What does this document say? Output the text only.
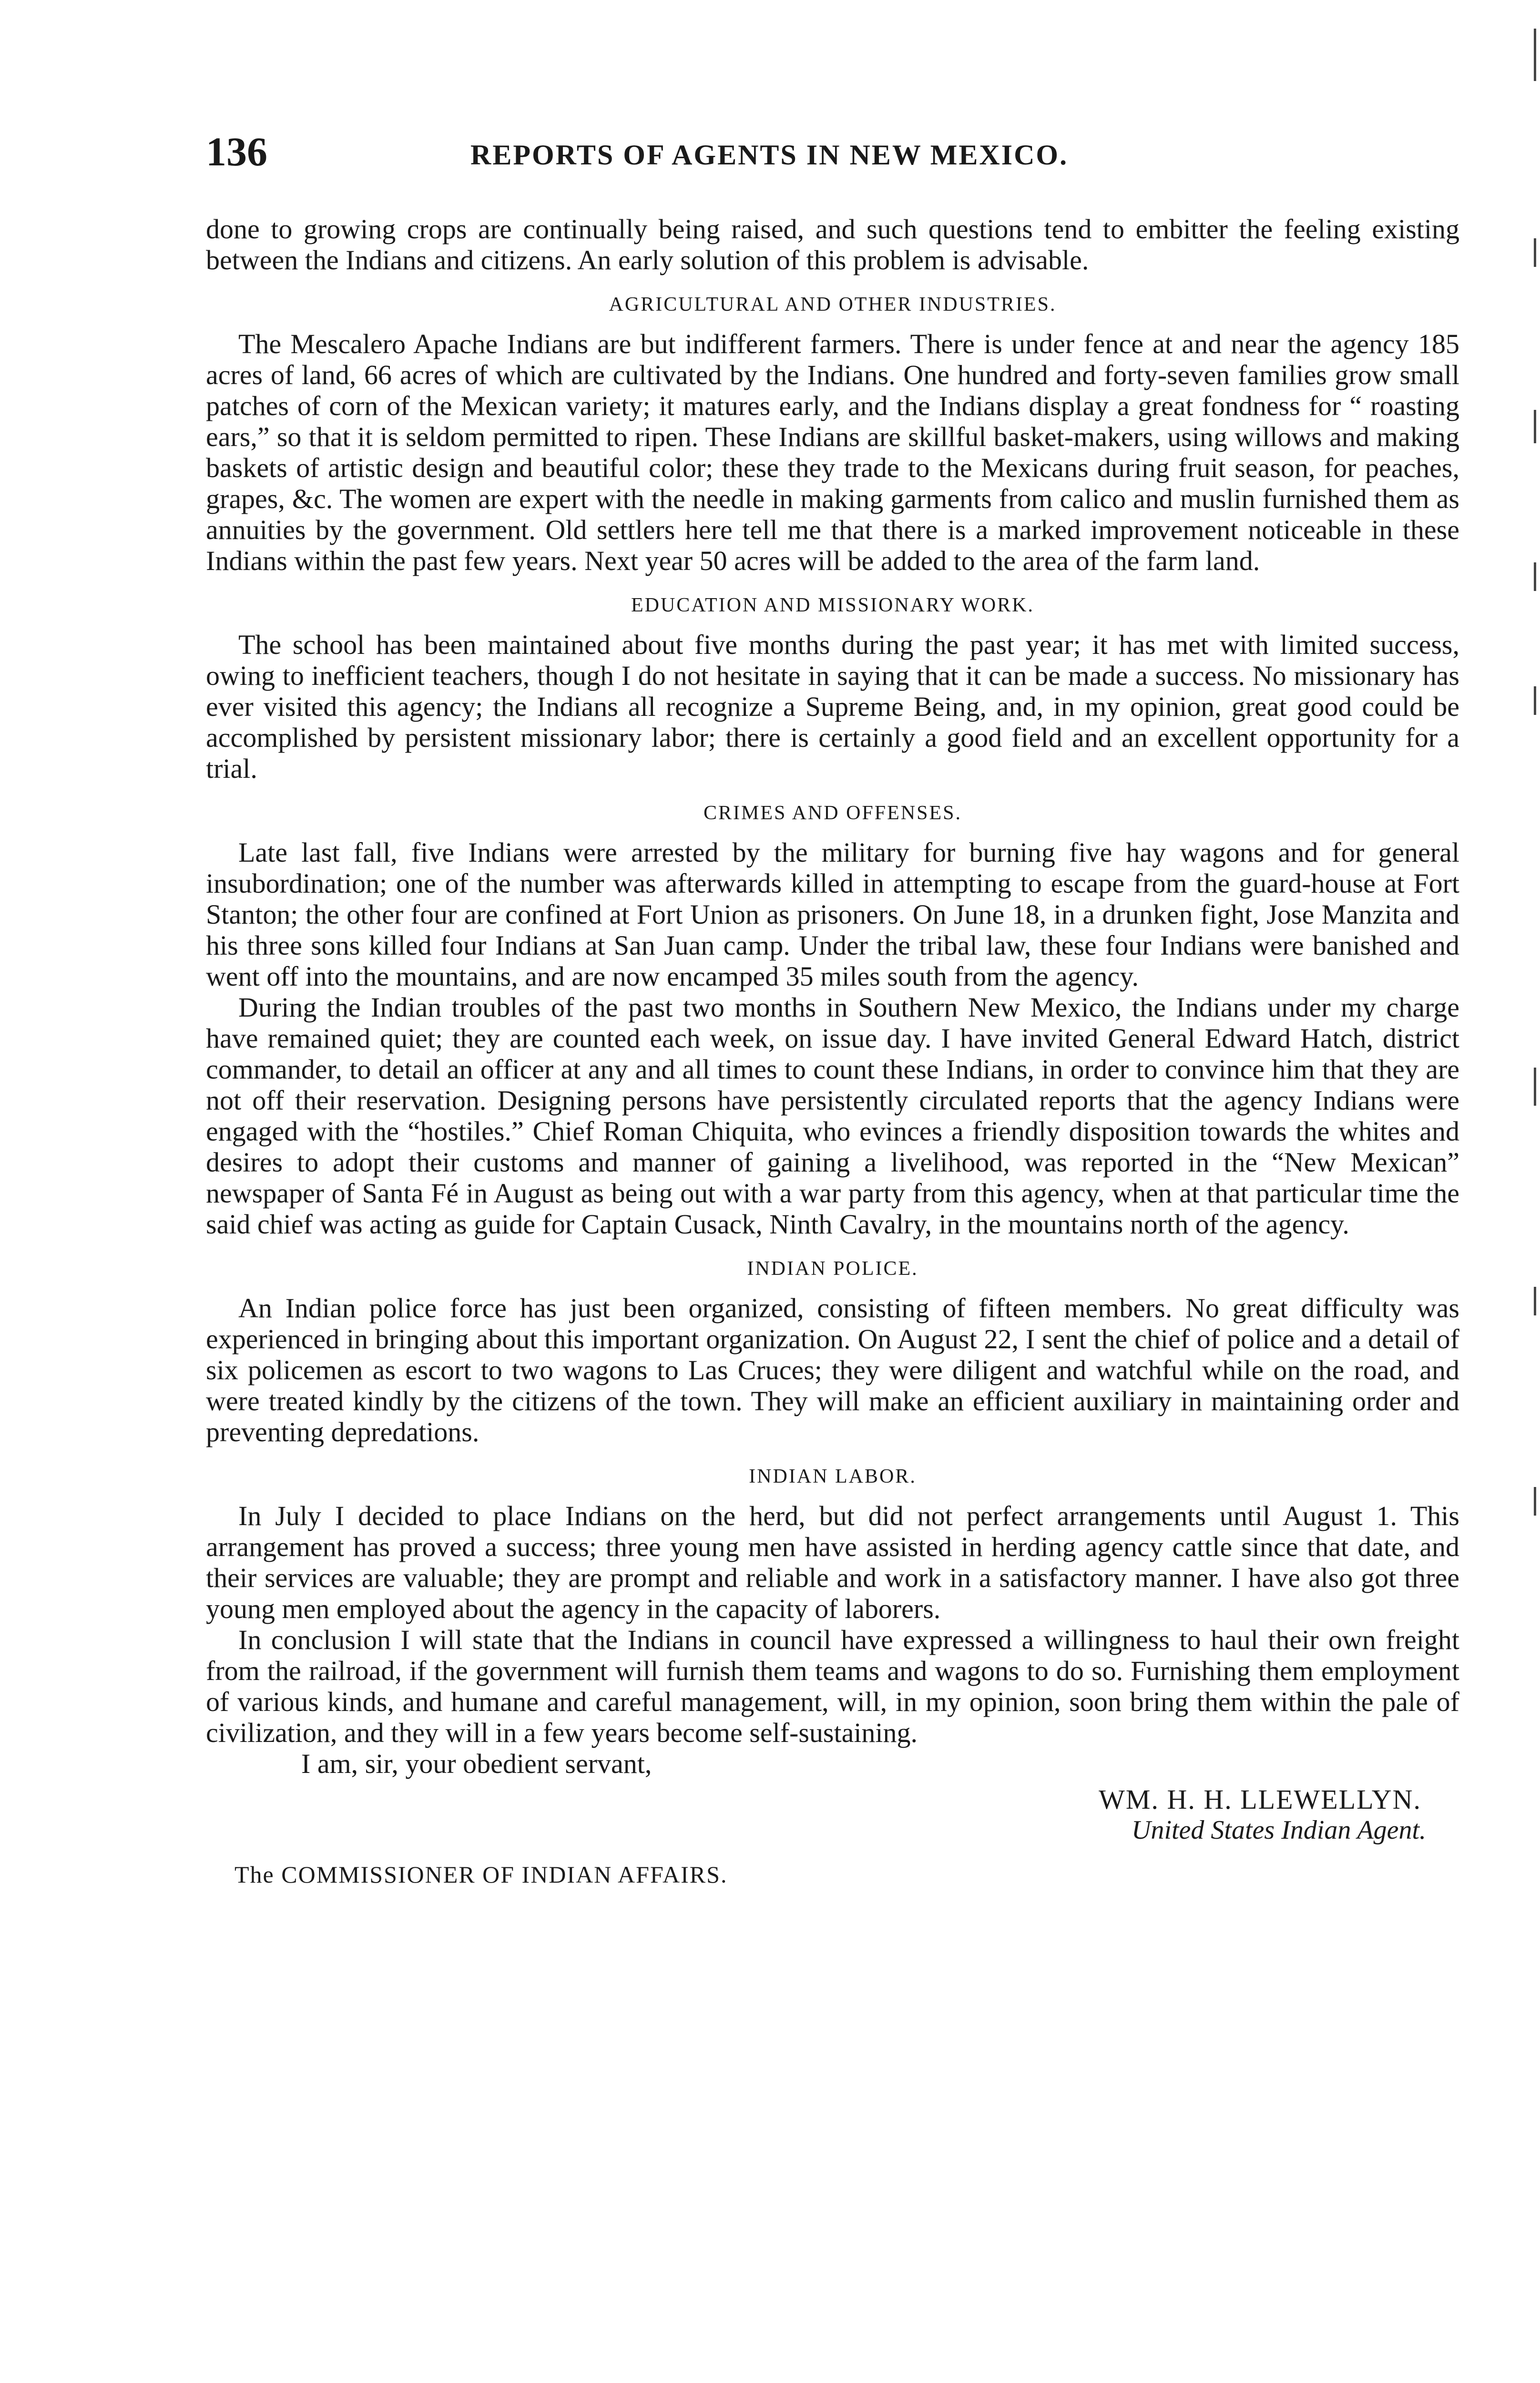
136	REPORTS OF AGENTS IN NEW MEXICO.

done to growing crops are continually being raised, and such questions tend to embitter the feeling existing between the Indians and citizens. An early solution of this problem is advisable.

AGRICULTURAL AND OTHER INDUSTRIES.

The Mescalero Apache Indians are but indifferent farmers. There is under fence at and near the agency 185 acres of land, 66 acres of which are cultivated by the Indians. One hundred and forty-seven families grow small patches of corn of the Mexican variety; it matures early, and the Indians display a great fondness for “ roasting ears,” so that it is seldom permitted to ripen. These Indians are skillful basket-makers, using willows and making baskets of artistic design and beautiful color; these they trade to the Mexicans during fruit season, for peaches, grapes, &c. The women are expert with the needle in making garments from calico and muslin furnished them as annuities by the government. Old settlers here tell me that there is a marked improvement noticeable in these Indians within the past few years. Next year 50 acres will be added to the area of the farm land.

EDUCATION AND MISSIONARY WORK.

The school has been maintained about five months during the past year; it has met with limited success, owing to inefficient teachers, though I do not hesitate in saying that it can be made a success. No missionary has ever visited this agency; the Indians all recognize a Supreme Being, and, in my opinion, great good could be accomplished by persistent missionary labor; there is certainly a good field and an excellent opportunity for a trial.

CRIMES AND OFFENSES.

Late last fall, five Indians were arrested by the military for burning five hay wagons and for general insubordination; one of the number was afterwards killed in attempting to escape from the guard-house at Fort Stanton; the other four are confined at Fort Union as prisoners. On June 18, in a drunken fight, Jose Manzita and his three sons killed four Indians at San Juan camp. Under the tribal law, these four Indians were banished and went off into the mountains, and are now encamped 35 miles south from the agency.

During the Indian troubles of the past two months in Southern New Mexico, the Indians under my charge have remained quiet; they are counted each week, on issue day. I have invited General Edward Hatch, district commander, to detail an officer at any and all times to count these Indians, in order to convince him that they are not off their reservation. Designing persons have persistently circulated reports that the agency Indians were engaged with the “hostiles.” Chief Roman Chiquita, who evinces a friendly disposition towards the whites and desires to adopt their customs and manner of gaining a livelihood, was reported in the “New Mexican” newspaper of Santa Fé in August as being out with a war party from this agency, when at that particular time the said chief was acting as guide for Captain Cusack, Ninth Cavalry, in the mountains north of the agency.

INDIAN POLICE.

An Indian police force has just been organized, consisting of fifteen members. No great difficulty was experienced in bringing about this important organization. On August 22, I sent the chief of police and a detail of six policemen as escort to two wagons to Las Cruces; they were diligent and watchful while on the road, and were treated kindly by the citizens of the town. They will make an efficient auxiliary in maintaining order and preventing depredations.

INDIAN LABOR.

In July I decided to place Indians on the herd, but did not perfect arrangements until August 1. This arrangement has proved a success; three young men have assisted in herding agency cattle since that date, and their services are valuable; they are prompt and reliable and work in a satisfactory manner. I have also got three young men employed about the agency in the capacity of laborers.

In conclusion I will state that the Indians in council have expressed a willingness to haul their own freight from the railroad, if the government will furnish them teams and wagons to do so. Furnishing them employment of various kinds, and humane and careful management, will, in my opinion, soon bring them within the pale of civilization, and they will in a few years become self-sustaining.

I am, sir, your obedient servant,
WM. H. H. LLEWELLYN.
United States Indian Agent.
The COMMISSIONER OF INDIAN AFFAIRS.
